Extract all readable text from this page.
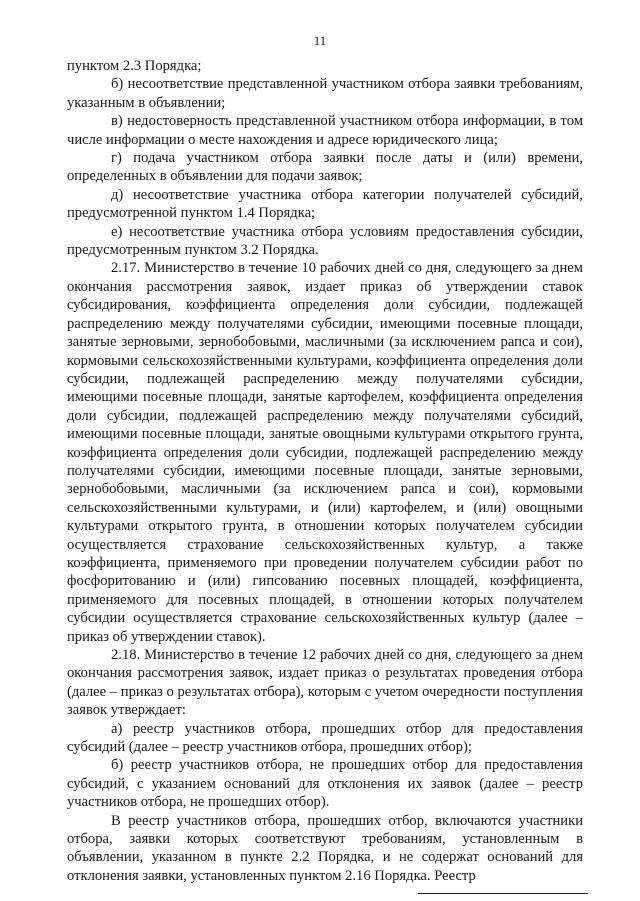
11

пунктом 2.3 Порядка;

б) несоответствие представленной участником отбора заявки требованиям, указанным в объявлении;

в) недостоверность представленной участником отбора информации, в том числе информации о месте нахождения и адресе юридического лица;

г) подача участником отбора заявки после даты и (или) времени, определенных в объявлении для подачи заявок;

д) несоответствие участника отбора категории получателей субсидий, предусмотренной пунктом 1.4 Порядка;

е) несоответствие участника отбора условиям предоставления субсидии, предусмотренным пунктом 3.2 Порядка.

2.17. Министерство в течение 10 рабочих дней со дня, следующего за днем окончания рассмотрения заявок, издает приказ об утверждении ставок субсидирования, коэффициента определения доли субсидии, подлежащей распределению между получателями субсидии, имеющими посевные площади, занятые зерновыми, зернобобовыми, масличными (за исключением рапса и сои), кормовыми сельскохозяйственными культурами, коэффициента определения доли субсидии, подлежащей распределению между получателями субсидии, имеющими посевные площади, занятые картофелем, коэффициента определения доли субсидии, подлежащей распределению между получателями субсидий, имеющими посевные площади, занятые овощными культурами открытого грунта, коэффициента определения доли субсидии, подлежащей распределению между получателями субсидии, имеющими посевные площади, занятые зерновыми, зернобобовыми, масличными (за исключением рапса и сои), кормовыми сельскохозяйственными культурами, и (или) картофелем, и (или) овощными культурами открытого грунта, в отношении которых получателем субсидии осуществляется страхование сельскохозяйственных культур, а также коэффициента, применяемого при проведении получателем субсидии работ по фосфоритованию и (или) гипсованию посевных площадей, коэффициента, применяемого для посевных площадей, в отношении которых получателем субсидии осуществляется страхование сельскохозяйственных культур (далее – приказ об утверждении ставок).

2.18. Министерство в течение 12 рабочих дней со дня, следующего за днем окончания рассмотрения заявок, издает приказ о результатах проведения отбора (далее – приказ о результатах отбора), которым с учетом очередности поступления заявок утверждает:

а) реестр участников отбора, прошедших отбор для предоставления субсидий (далее – реестр участников отбора, прошедших отбор);

б) реестр участников отбора, не прошедших отбор для предоставления субсидий, с указанием оснований для отклонения их заявок (далее – реестр участников отбора, не прошедших отбор).

В реестр участников отбора, прошедших отбор, включаются участники отбора, заявки которых соответствуют требованиям, установленным в объявлении, указанном в пункте 2.2 Порядка, и не содержат оснований для отклонения заявки, установленных пунктом 2.16 Порядка. Реестр
